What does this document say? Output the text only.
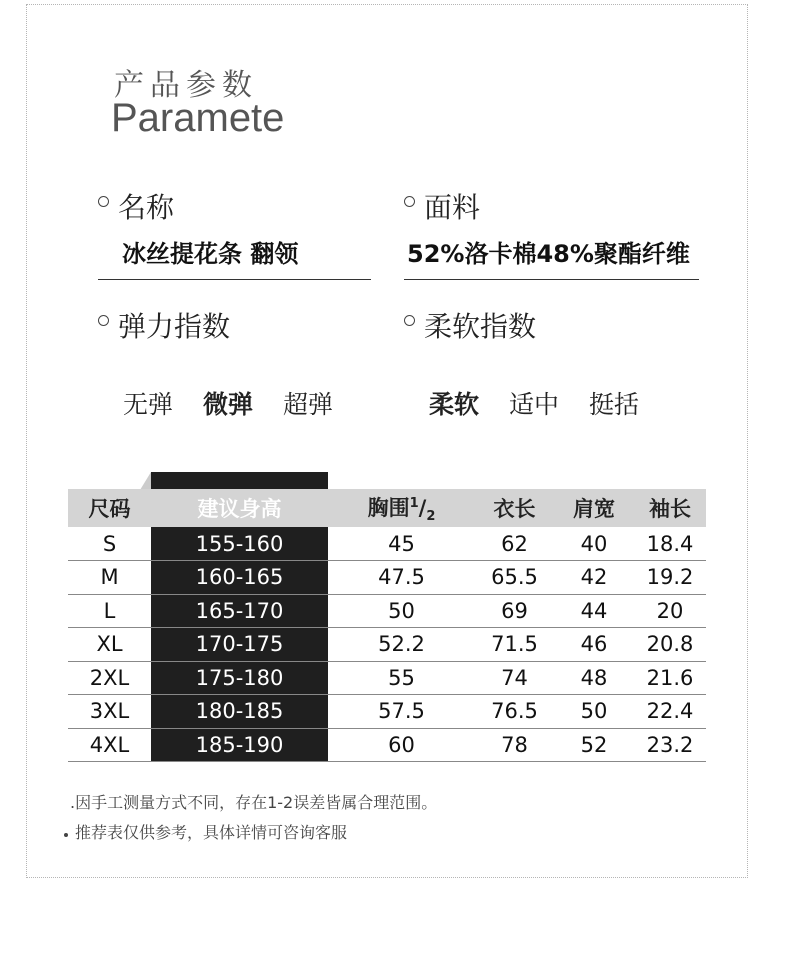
产品参数
Paramete
名称
冰丝提花条 翻领
面料
52%洛卡棉48%聚酯纤维
弹力指数
无弹 微弹 超弹
柔软指数
柔软 适中 挺括
尺码	建议身高	胸围$^1/_2$	衣长	肩宽	袖长
S	155-160	45	62	40	18.4
M	160-165	47.5	65.5	42	19.2
L	165-170	50	69	44	20
XL	170-175	52.2	71.5	46	20.8
2XL	175-180	55	74	48	21.6
3XL	180-185	57.5	76.5	50	22.4
4XL	185-190	60	78	52	23.2
.因手工测量方式不同，存在1-2误差皆属合理范围。
推荐表仅供参考，具体详情可咨询客服
